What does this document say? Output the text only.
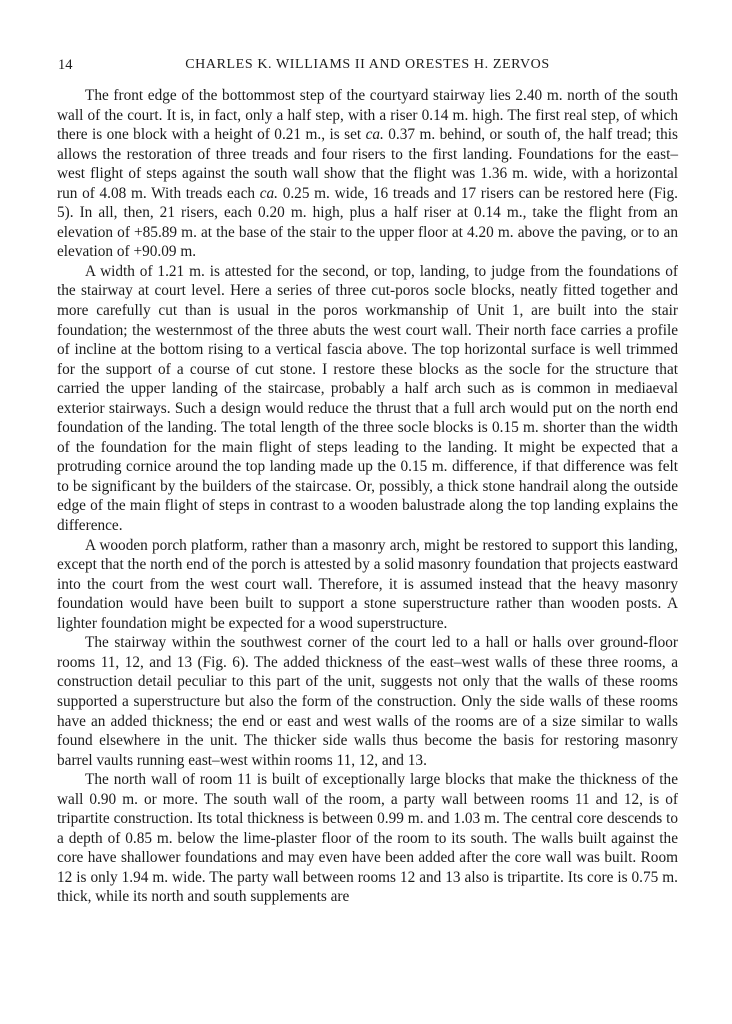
14	CHARLES K. WILLIAMS II AND ORESTES H. ZERVOS

The front edge of the bottommost step of the courtyard stairway lies 2.40 m. north of the south wall of the court. It is, in fact, only a half step, with a riser 0.14 m. high. The first real step, of which there is one block with a height of 0.21 m., is set ca. 0.37 m. behind, or south of, the half tread; this allows the restoration of three treads and four risers to the first landing. Foundations for the east–west flight of steps against the south wall show that the flight was 1.36 m. wide, with a horizontal run of 4.08 m. With treads each ca. 0.25 m. wide, 16 treads and 17 risers can be restored here (Fig. 5). In all, then, 21 risers, each 0.20 m. high, plus a half riser at 0.14 m., take the flight from an elevation of +85.89 m. at the base of the stair to the upper floor at 4.20 m. above the paving, or to an elevation of +90.09 m.

A width of 1.21 m. is attested for the second, or top, landing, to judge from the foundations of the stairway at court level. Here a series of three cut-poros socle blocks, neatly fitted together and more carefully cut than is usual in the poros workmanship of Unit 1, are built into the stair foundation; the westernmost of the three abuts the west court wall. Their north face carries a profile of incline at the bottom rising to a vertical fascia above. The top horizontal surface is well trimmed for the support of a course of cut stone. I restore these blocks as the socle for the structure that carried the upper landing of the staircase, probably a half arch such as is common in mediaeval exterior stairways. Such a design would reduce the thrust that a full arch would put on the north end foundation of the landing. The total length of the three socle blocks is 0.15 m. shorter than the width of the foundation for the main flight of steps leading to the landing. It might be expected that a protruding cornice around the top landing made up the 0.15 m. difference, if that difference was felt to be significant by the builders of the staircase. Or, possibly, a thick stone handrail along the outside edge of the main flight of steps in contrast to a wooden balustrade along the top landing explains the difference.

A wooden porch platform, rather than a masonry arch, might be restored to support this landing, except that the north end of the porch is attested by a solid masonry foundation that projects eastward into the court from the west court wall. Therefore, it is assumed instead that the heavy masonry foundation would have been built to support a stone superstructure rather than wooden posts. A lighter foundation might be expected for a wood superstructure.

The stairway within the southwest corner of the court led to a hall or halls over ground-floor rooms 11, 12, and 13 (Fig. 6). The added thickness of the east–west walls of these three rooms, a construction detail peculiar to this part of the unit, suggests not only that the walls of these rooms supported a superstructure but also the form of the construction. Only the side walls of these rooms have an added thickness; the end or east and west walls of the rooms are of a size similar to walls found elsewhere in the unit. The thicker side walls thus become the basis for restoring masonry barrel vaults running east–west within rooms 11, 12, and 13.

The north wall of room 11 is built of exceptionally large blocks that make the thickness of the wall 0.90 m. or more. The south wall of the room, a party wall between rooms 11 and 12, is of tripartite construction. Its total thickness is between 0.99 m. and 1.03 m. The central core descends to a depth of 0.85 m. below the lime-plaster floor of the room to its south. The walls built against the core have shallower foundations and may even have been added after the core wall was built. Room 12 is only 1.94 m. wide. The party wall between rooms 12 and 13 also is tripartite. Its core is 0.75 m. thick, while its north and south supplements are
